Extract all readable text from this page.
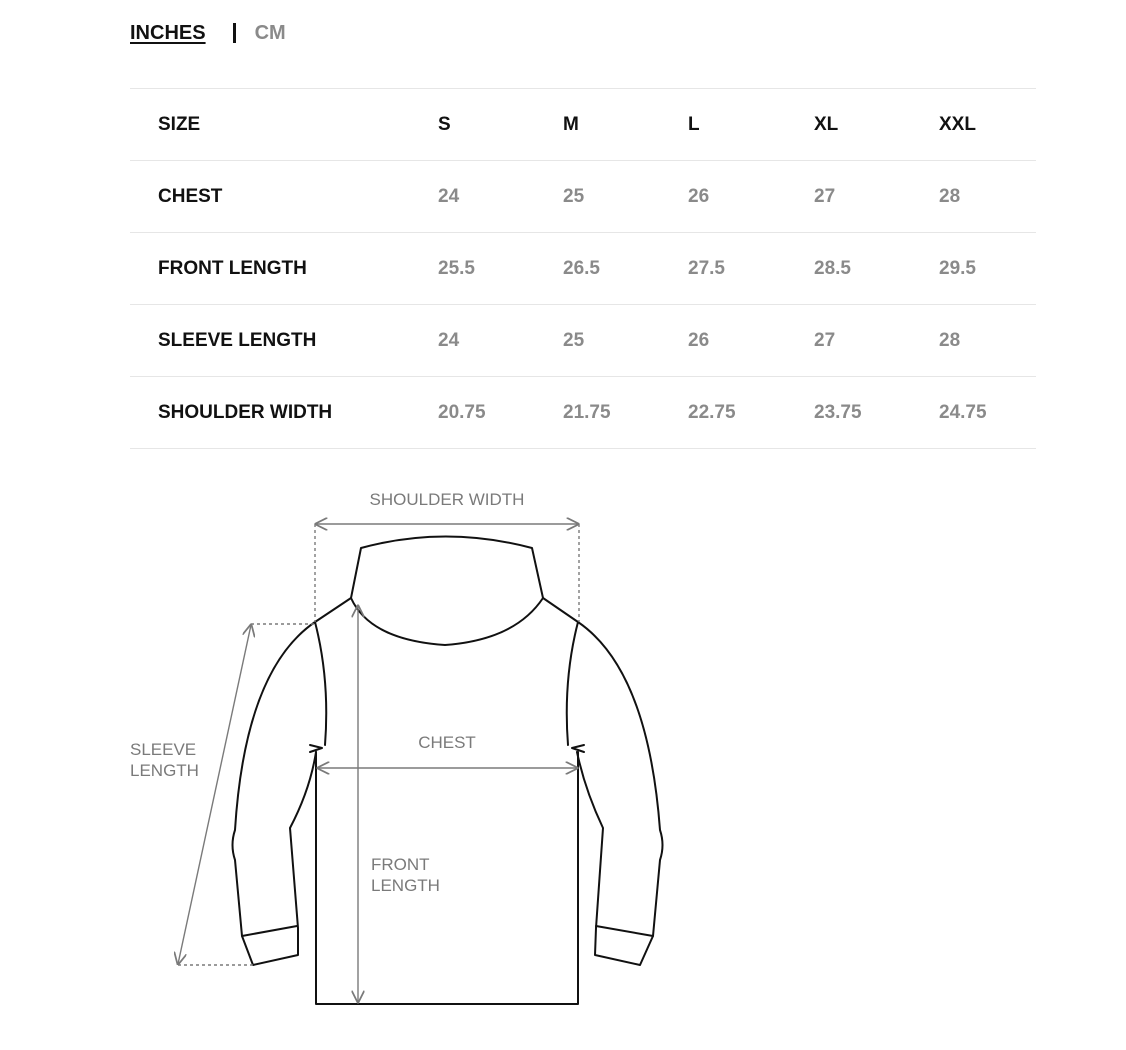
INCHES CM
SIZE	S	M	L	XL	XXL
CHEST	24	25	26	27	28
FRONT LENGTH	25.5	26.5	27.5	28.5	29.5
SLEEVE LENGTH	24	25	26	27	28
SHOULDER WIDTH	20.75	21.75	22.75	23.75	24.75
SHOULDER WIDTH
CHEST
SLEEVE
LENGTH
FRONT
LENGTH
